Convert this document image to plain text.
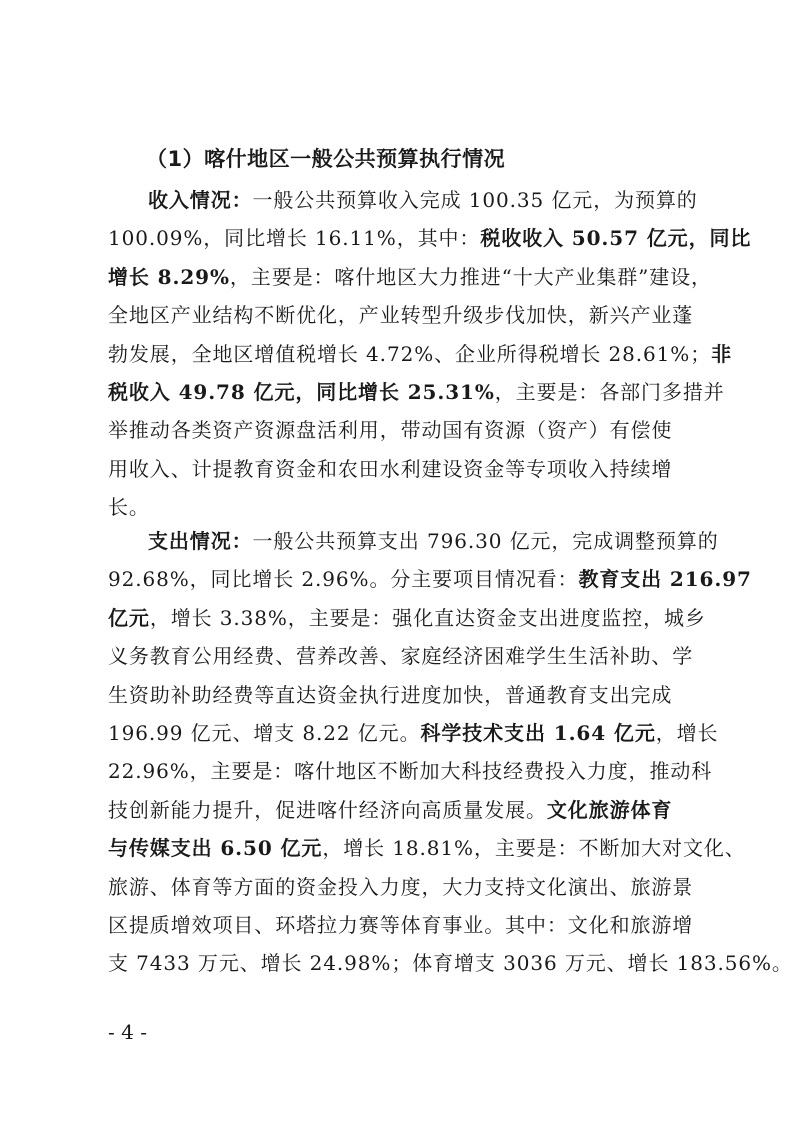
（1）喀什地区一般公共预算执行情况
收入情况：一般公共预算收入完成 100.35 亿元，为预算的
100.09%，同比增长 16.11%，其中：税收收入 50.57 亿元，同比
增长 8.29%，主要是：喀什地区大力推进“十大产业集群”建设，
全地区产业结构不断优化，产业转型升级步伐加快，新兴产业蓬
勃发展，全地区增值税增长 4.72%、企业所得税增长 28.61%；非
税收入 49.78 亿元，同比增长 25.31%，主要是：各部门多措并
举推动各类资产资源盘活利用，带动国有资源（资产）有偿使
用收入、计提教育资金和农田水利建设资金等专项收入持续增
长。
支出情况：一般公共预算支出 796.30 亿元，完成调整预算的
92.68%，同比增长 2.96%。分主要项目情况看：教育支出 216.97
亿元，增长 3.38%，主要是：强化直达资金支出进度监控，城乡
义务教育公用经费、营养改善、家庭经济困难学生生活补助、学
生资助补助经费等直达资金执行进度加快，普通教育支出完成
196.99 亿元、增支 8.22 亿元。科学技术支出 1.64 亿元，增长
22.96%，主要是：喀什地区不断加大科技经费投入力度，推动科
技创新能力提升，促进喀什经济向高质量发展。文化旅游体育
与传媒支出 6.50 亿元，增长 18.81%，主要是：不断加大对文化、
旅游、体育等方面的资金投入力度，大力支持文化演出、旅游景
区提质增效项目、环塔拉力赛等体育事业。其中：文化和旅游增
支 7433 万元、增长 24.98%；体育增支 3036 万元、增长 183.56%。
- 4 -
